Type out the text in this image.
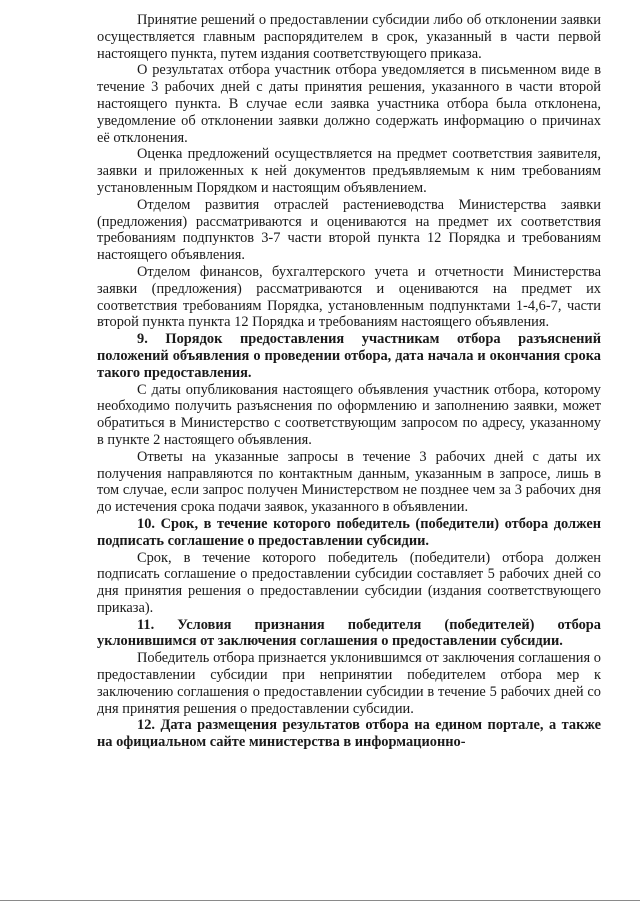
Принятие решений о предоставлении субсидии либо об отклонении заявки осуществляется главным распорядителем в срок, указанный в части первой настоящего пункта, путем издания соответствующего приказа.

О результатах отбора участник отбора уведомляется в письменном виде в течение 3 рабочих дней с даты принятия решения, указанного в части второй настоящего пункта. В случае если заявка участника отбора была отклонена, уведомление об отклонении заявки должно содержать информацию о причинах её отклонения.

Оценка предложений осуществляется на предмет соответствия заявителя, заявки и приложенных к ней документов предъявляемым к ним требованиям установленным Порядком и настоящим объявлением.

Отделом развития отраслей растениеводства Министерства заявки (предложения) рассматриваются и оцениваются на предмет их соответствия требованиям подпунктов 3-7 части второй пункта 12 Порядка и требованиям настоящего объявления.

Отделом финансов, бухгалтерского учета и отчетности Министерства заявки (предложения) рассматриваются и оцениваются на предмет их соответствия требованиям Порядка, установленным подпунктами 1-4,6-7, части второй пункта пункта 12 Порядка и требованиям настоящего объявления.

9. Порядок предоставления участникам отбора разъяснений положений объявления о проведении отбора, дата начала и окончания срока такого предоставления.

С даты опубликования настоящего объявления участник отбора, которому необходимо получить разъяснения по оформлению и заполнению заявки, может обратиться в Министерство с соответствующим запросом по адресу, указанному в пункте 2 настоящего объявления.

Ответы на указанные запросы в течение 3 рабочих дней с даты их получения направляются по контактным данным, указанным в запросе, лишь в том случае, если запрос получен Министерством не позднее чем за 3 рабочих дня до истечения срока подачи заявок, указанного в объявлении.

10. Срок, в течение которого победитель (победители) отбора должен подписать соглашение о предоставлении субсидии.

Срок, в течение которого победитель (победители) отбора должен подписать соглашение о предоставлении субсидии составляет 5 рабочих дней со дня принятия решения о предоставлении субсидии (издания соответствующего приказа).

11. Условия признания победителя (победителей) отбора уклонившимся от заключения соглашения о предоставлении субсидии.

Победитель отбора признается уклонившимся от заключения соглашения о предоставлении субсидии при непринятии победителем отбора мер к заключению соглашения о предоставлении субсидии в течение 5 рабочих дней со дня принятия решения о предоставлении субсидии.

12. Дата размещения результатов отбора на едином портале, а также на официальном сайте министерства в информационно-
